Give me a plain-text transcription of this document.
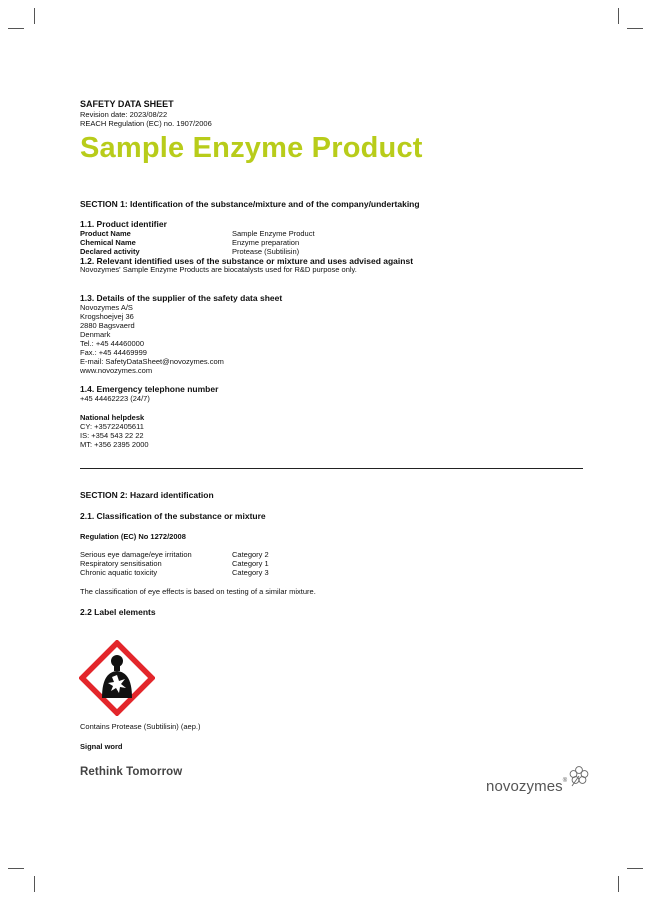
SAFETY DATA SHEET
Revision date: 2023/08/22
REACH Regulation (EC) no. 1907/2006
Sample Enzyme Product
SECTION 1: Identification of the substance/mixture and of the company/undertaking
1.1. Product identifier
Product Name	Sample Enzyme Product
Chemical Name	Enzyme preparation
Declared activity	Protease (Subtilisin)
1.2. Relevant identified uses of the substance or mixture and uses advised against
Novozymes' Sample Enzyme Products are biocatalysts used for R&D purpose only.
1.3. Details of the supplier of the safety data sheet
Novozymes A/S
Krogshoejvej 36
2880 Bagsvaerd
Denmark
Tel.: +45 44460000
Fax.: +45 44469999
E-mail: SafetyDataSheet@novozymes.com
www.novozymes.com
1.4. Emergency telephone number
+45 44462223 (24/7)
National helpdesk
CY: +35722405611
IS: +354 543 22 22
MT: +356 2395 2000
SECTION 2: Hazard identification
2.1. Classification of the substance or mixture
Regulation (EC) No 1272/2008
Serious eye damage/eye irritation	Category 2
Respiratory sensitisation	Category 1
Chronic aquatic toxicity	Category 3
The classification of eye effects is based on testing of a similar mixture.
2.2 Label elements
Contains Protease (Subtilisin) (aep.)
Signal word
Rethink Tomorrow
novozymes®
